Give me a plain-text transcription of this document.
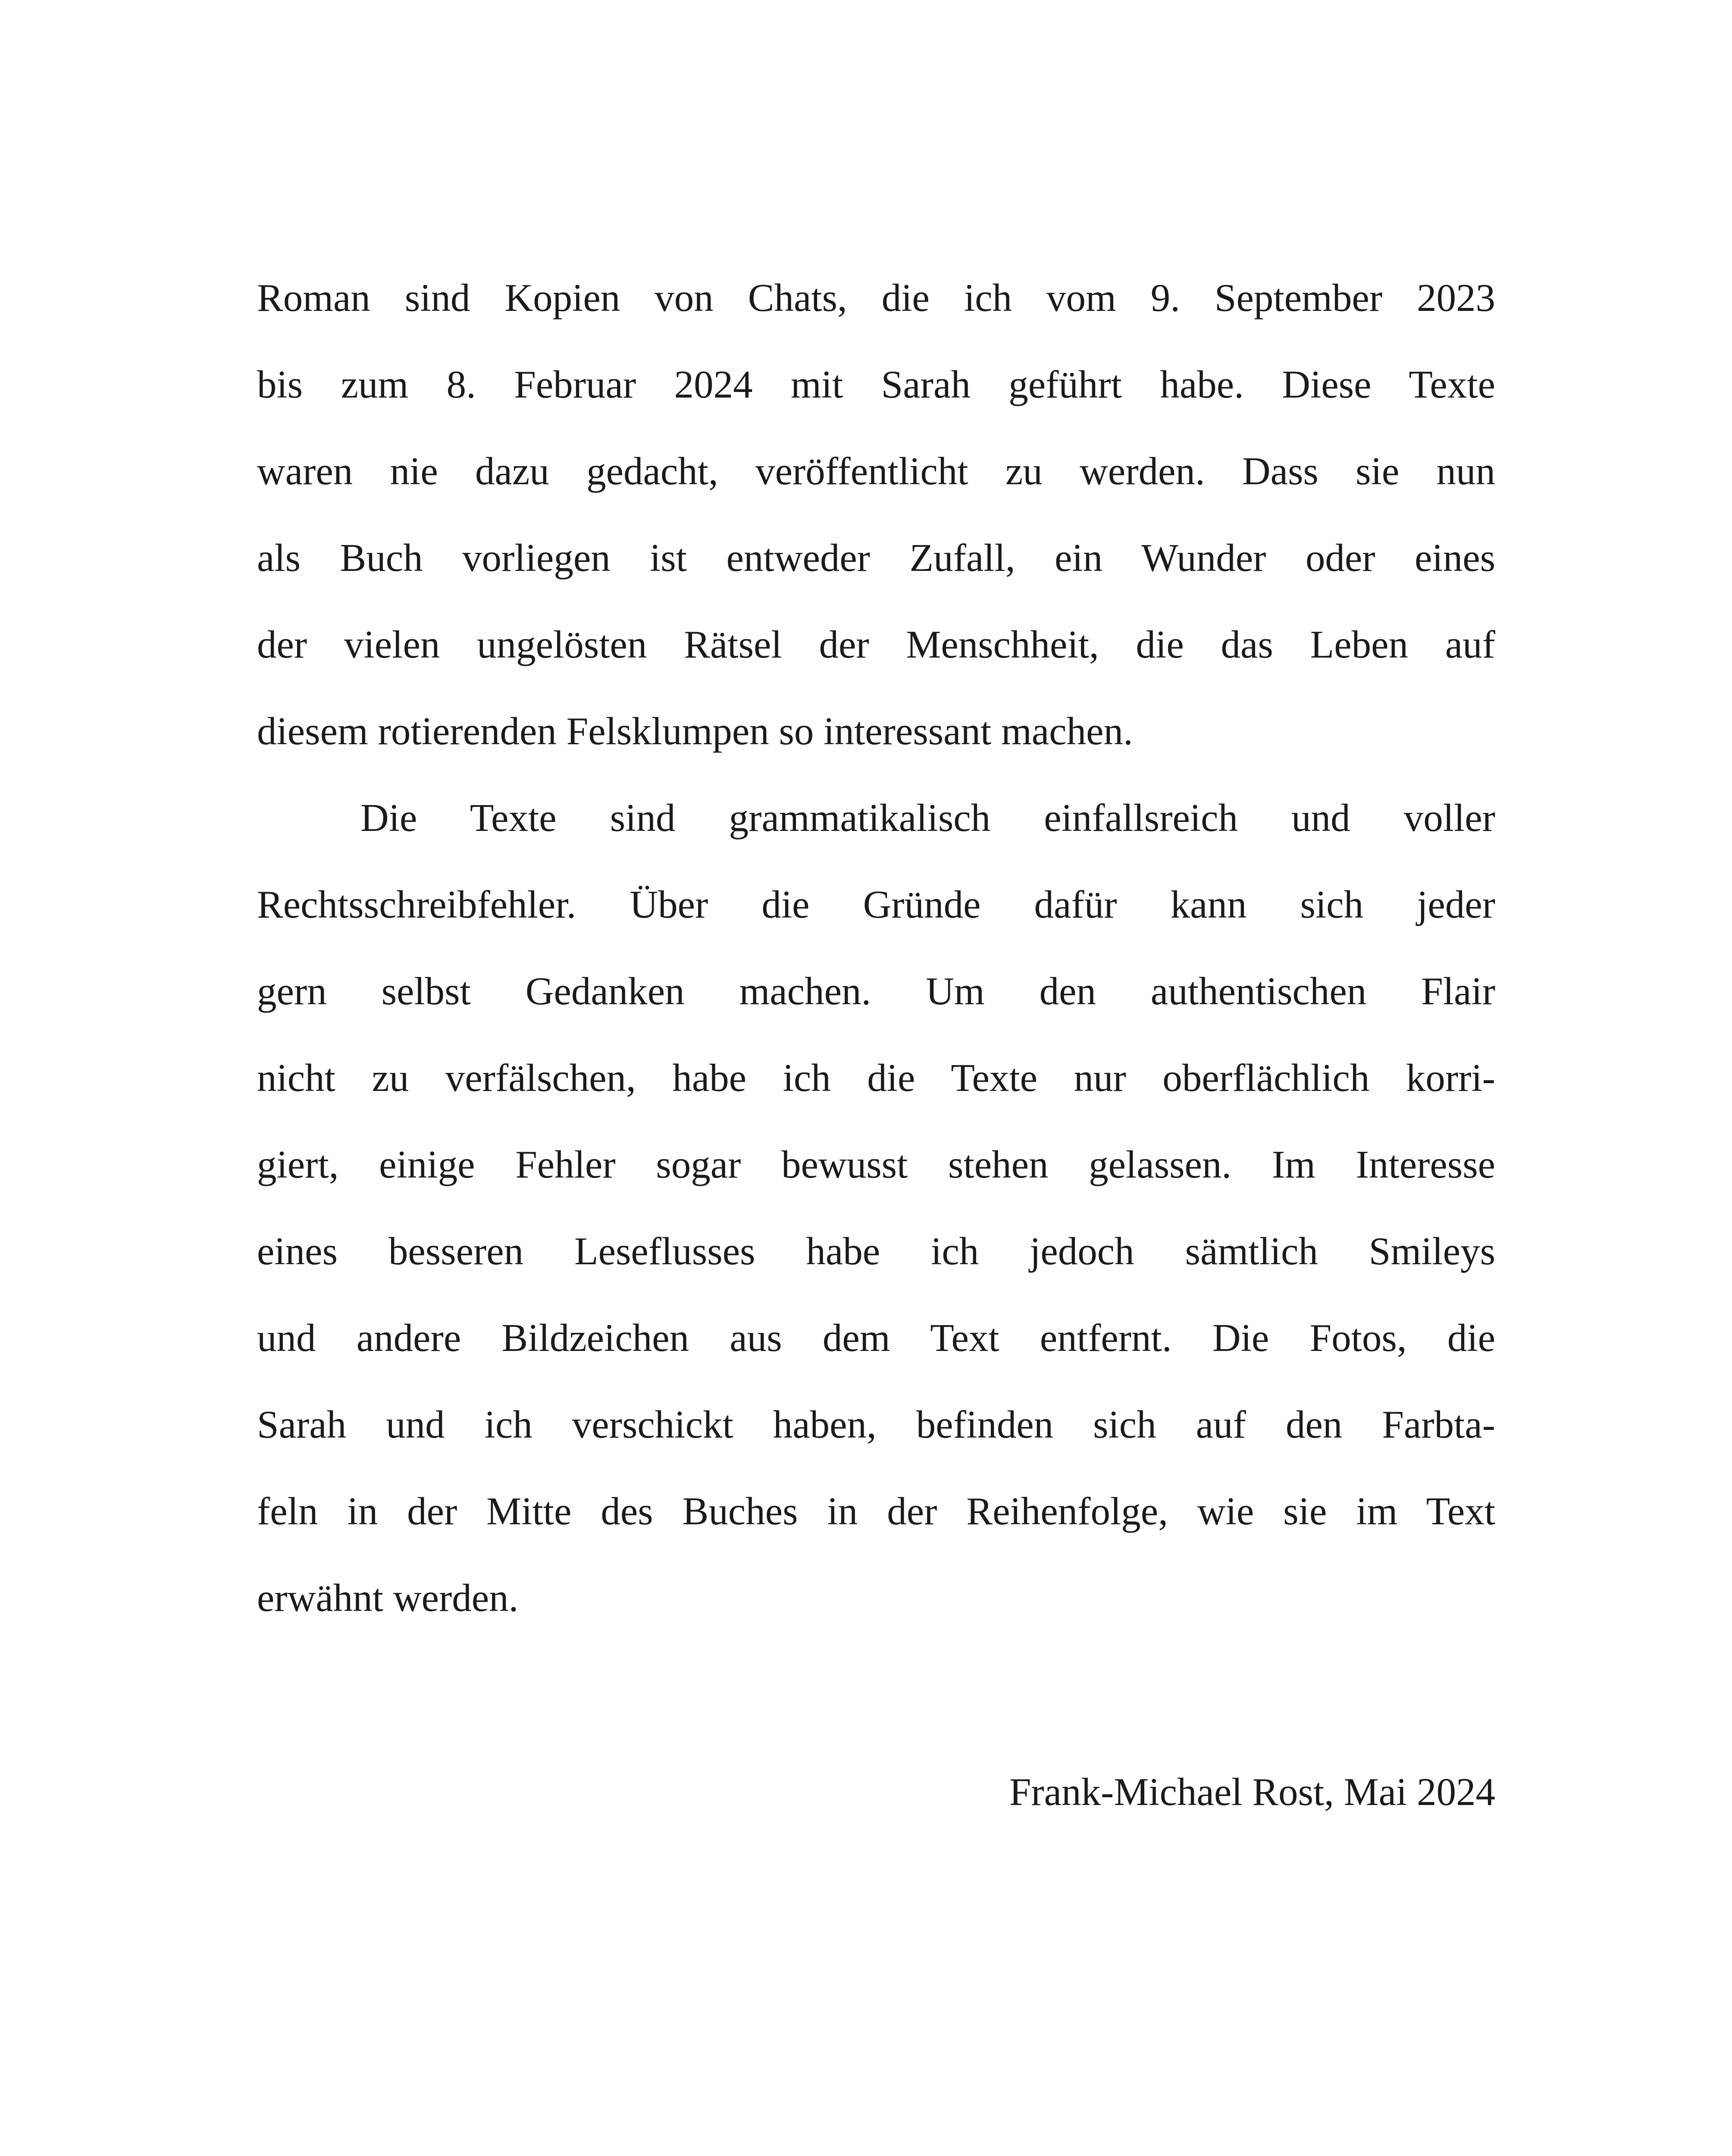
Roman sind Kopien von Chats, die ich vom 9. September 2023
bis zum 8. Februar 2024 mit Sarah geführt habe. Diese Texte
waren nie dazu gedacht, veröffentlicht zu werden. Dass sie nun
als Buch vorliegen ist entweder Zufall, ein Wunder oder eines
der vielen ungelösten Rätsel der Menschheit, die das Leben auf
diesem rotierenden Felsklumpen so interessant machen.
Die Texte sind grammatikalisch einfallsreich und voller
Rechtsschreibfehler. Über die Gründe dafür kann sich jeder
gern selbst Gedanken machen. Um den authentischen Flair
nicht zu verfälschen, habe ich die Texte nur oberflächlich korri-
giert, einige Fehler sogar bewusst stehen gelassen. Im Interesse
eines besseren Leseflusses habe ich jedoch sämtlich Smileys
und andere Bildzeichen aus dem Text entfernt. Die Fotos, die
Sarah und ich verschickt haben, befinden sich auf den Farbta-
feln in der Mitte des Buches in der Reihenfolge, wie sie im Text
erwähnt werden.
Frank-Michael Rost, Mai 2024
